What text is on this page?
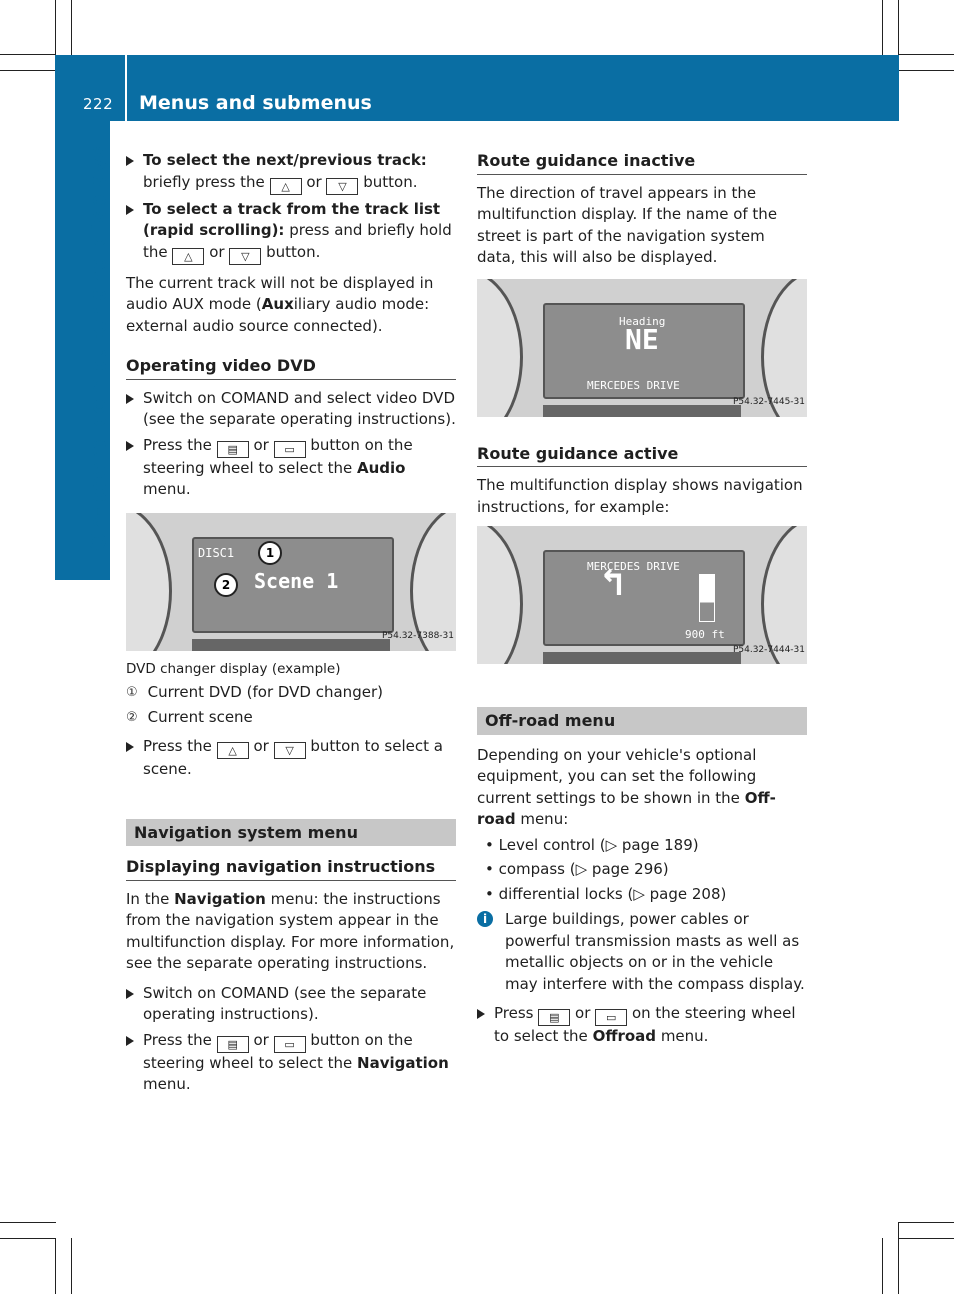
222 Menus and submenus
On-board computer and displays	To select the next/previous track:
briefly press the △ or ▽ button.
To select a track from the track list (rapid scrolling): press and briefly hold the △ or ▽ button.

The current track will not be displayed in audio AUX mode (Auxiliary audio mode: external audio source connected).

Operating video DVD
Switch on COMAND and select video DVD (see the separate operating instructions).
Press the ▤ or ▭ button on the steering wheel to select the Audio menu.
DISC1
Scene 1
1
2
P54.32-7388-31
DVD changer display (example)
① Current DVD (for DVD changer)
② Current scene
Press the △ or ▽ button to select a scene.
Navigation system menu
Displaying navigation instructions

In the Navigation menu: the instructions from the navigation system appear in the multifunction display. For more information, see the separate operating instructions.

Switch on COMAND (see the separate operating instructions).
Press the ▤ or ▭ button on the steering wheel to select the Navigation menu.
Route guidance inactive

The direction of travel appears in the multifunction display. If the name of the street is part of the navigation system data, this will also be displayed.

Heading
NE
MERCEDES DRIVE
P54.32-7445-31
Route guidance active

The multifunction display shows navigation instructions, for example:

MERCEDES DRIVE
↰
900 ft
P54.32-7444-31
Off-road menu

Depending on your vehicle's optional equipment, you can set the following current settings to be shown in the Off-road menu:

• Level control (▷ page 189)
• compass (▷ page 296)
• differential locks (▷ page 208)
i	Large buildings, power cables or powerful transmission masts as well as metallic objects on or in the vehicle may interfere with the compass display.
Press ▤ or ▭ on the steering wheel to select the Offroad menu.
